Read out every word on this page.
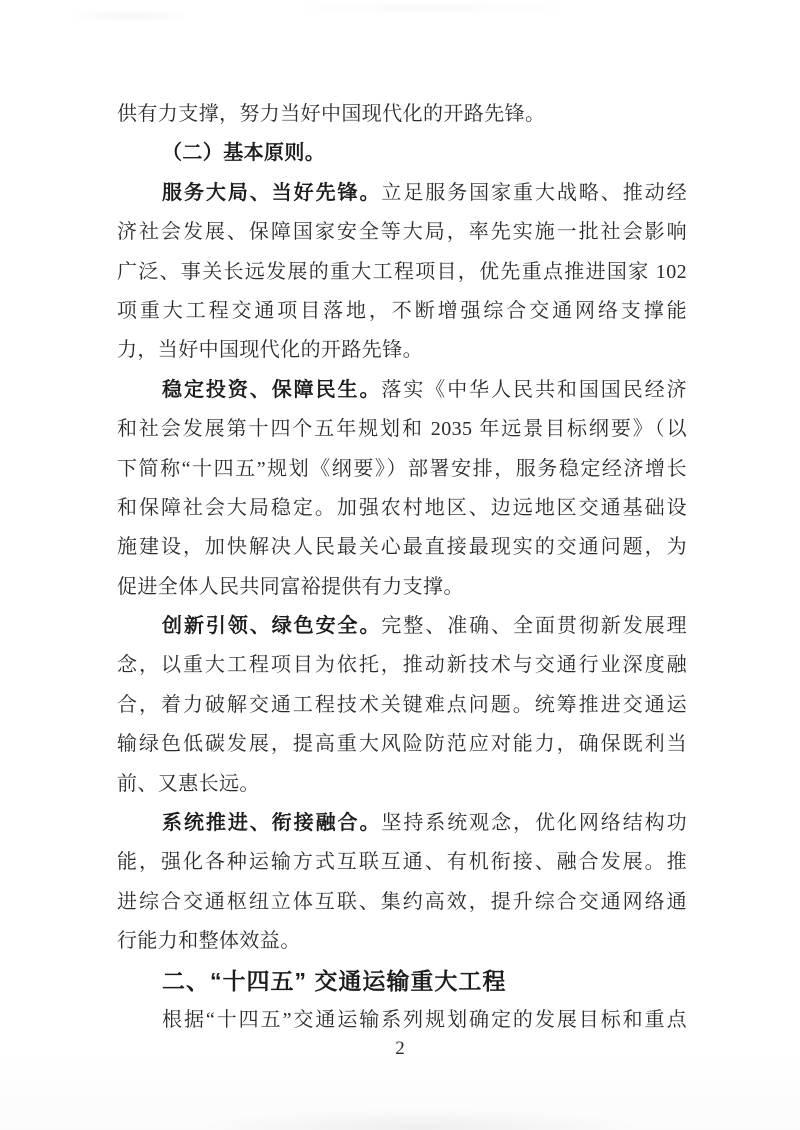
供有力支撑，努力当好中国现代化的开路先锋。
（二）基本原则。
服务大局、当好先锋。立足服务国家重大战略、推动经
济社会发展、保障国家安全等大局，率先实施一批社会影响
广泛、事关长远发展的重大工程项目，优先重点推进国家 102
项重大工程交通项目落地，不断增强综合交通网络支撑能
力，当好中国现代化的开路先锋。
稳定投资、保障民生。落实《中华人民共和国国民经济
和社会发展第十四个五年规划和 2035 年远景目标纲要》（以
下简称“十四五”规划《纲要》）部署安排，服务稳定经济增长
和保障社会大局稳定。加强农村地区、边远地区交通基础设
施建设，加快解决人民最关心最直接最现实的交通问题，为
促进全体人民共同富裕提供有力支撑。
创新引领、绿色安全。完整、准确、全面贯彻新发展理
念，以重大工程项目为依托，推动新技术与交通行业深度融
合，着力破解交通工程技术关键难点问题。统筹推进交通运
输绿色低碳发展，提高重大风险防范应对能力，确保既利当
前、又惠长远。
系统推进、衔接融合。坚持系统观念，优化网络结构功
能，强化各种运输方式互联互通、有机衔接、融合发展。推
进综合交通枢纽立体互联、集约高效，提升综合交通网络通
行能力和整体效益。
二、“十四五” 交通运输重大工程
根据“十四五”交通运输系列规划确定的发展目标和重点
2
